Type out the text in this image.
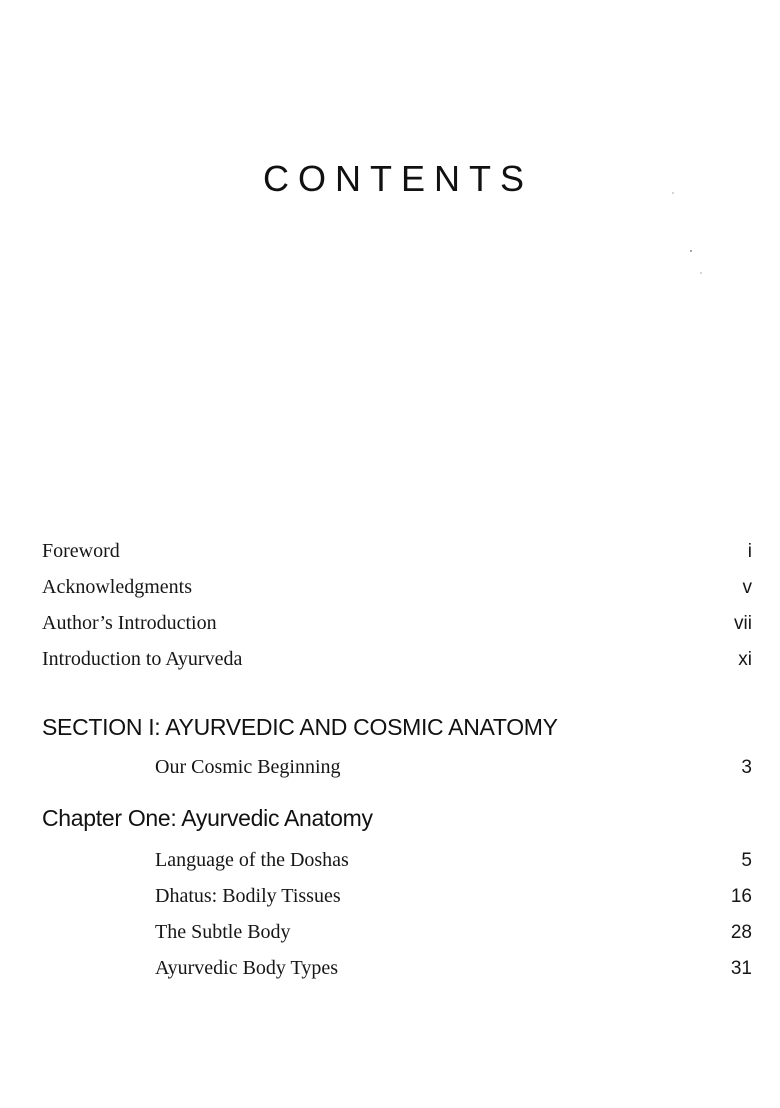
CONTENTS
Foreword	i
Acknowledgments	v
Author’s Introduction	vii
Introduction to Ayurveda	xi
SECTION I: AYURVEDIC AND COSMIC ANATOMY
Our Cosmic Beginning	3
Chapter One: Ayurvedic Anatomy
Language of the Doshas	5
Dhatus: Bodily Tissues	16
The Subtle Body	28
Ayurvedic Body Types	31
